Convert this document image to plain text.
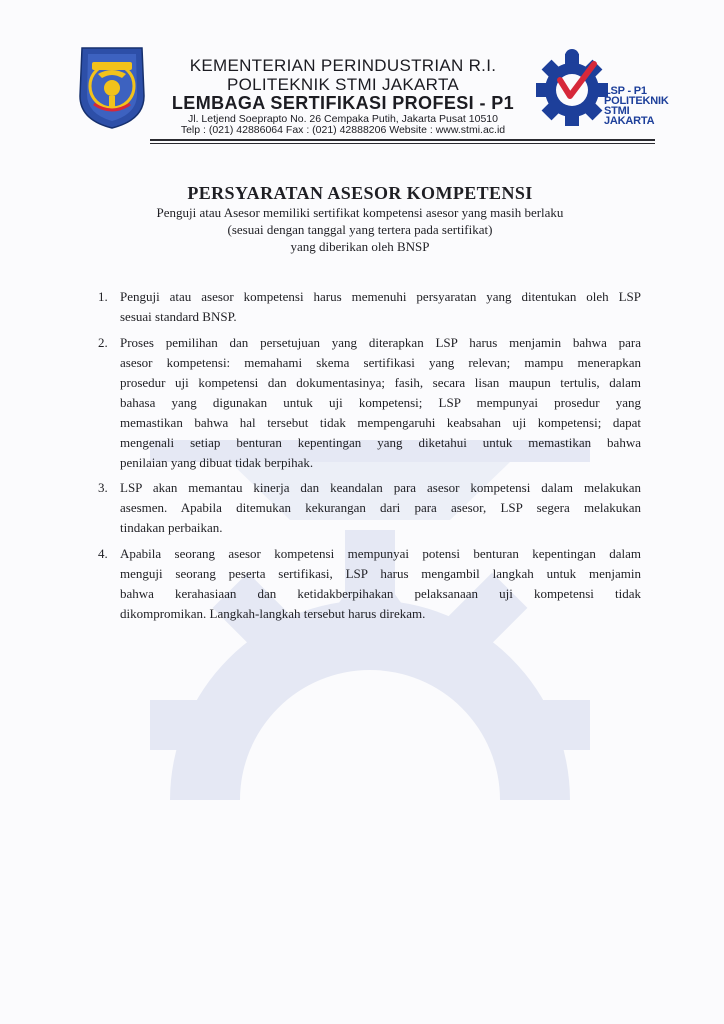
KEMENTERIAN PERINDUSTRIAN R.I.
POLITEKNIK STMI JAKARTA
LEMBAGA SERTIFIKASI PROFESI - P1
Jl. Letjend Soeprapto No. 26 Cempaka Putih, Jakarta Pusat 10510
Telp : (021) 42886064 Fax : (021) 42888206 Website : www.stmi.ac.id
LSP - P1
POLITEKNIK
STMI JAKARTA
PERSYARATAN ASESOR KOMPETENSI
Penguji atau Asesor memiliki sertifikat kompetensi asesor yang masih berlaku
(sesuai dengan tanggal yang tertera pada sertifikat)
yang diberikan oleh BNSP
1. Penguji atau asesor kompetensi harus memenuhi persyaratan yang ditentukan oleh LSP
sesuai standard BNSP.
2. Proses pemilihan dan persetujuan yang diterapkan LSP harus menjamin bahwa para
asesor kompetensi: memahami skema sertifikasi yang relevan; mampu menerapkan
prosedur uji kompetensi dan dokumentasinya; fasih, secara lisan maupun tertulis, dalam
bahasa yang digunakan untuk uji kompetensi; LSP mempunyai prosedur yang
memastikan bahwa hal tersebut tidak mempengaruhi keabsahan uji kompetensi; dapat
mengenali setiap benturan kepentingan yang diketahui untuk memastikan bahwa
penilaian yang dibuat tidak berpihak.
3. LSP akan memantau kinerja dan keandalan para asesor kompetensi dalam melakukan
asesmen. Apabila ditemukan kekurangan dari para asesor, LSP segera melakukan
tindakan perbaikan.
4. Apabila seorang asesor kompetensi mempunyai potensi benturan kepentingan dalam
menguji seorang peserta sertifikasi, LSP harus mengambil langkah untuk menjamin
bahwa kerahasiaan dan ketidakberpihakan pelaksanaan uji kompetensi tidak
dikompromikan. Langkah-langkah tersebut harus direkam.
